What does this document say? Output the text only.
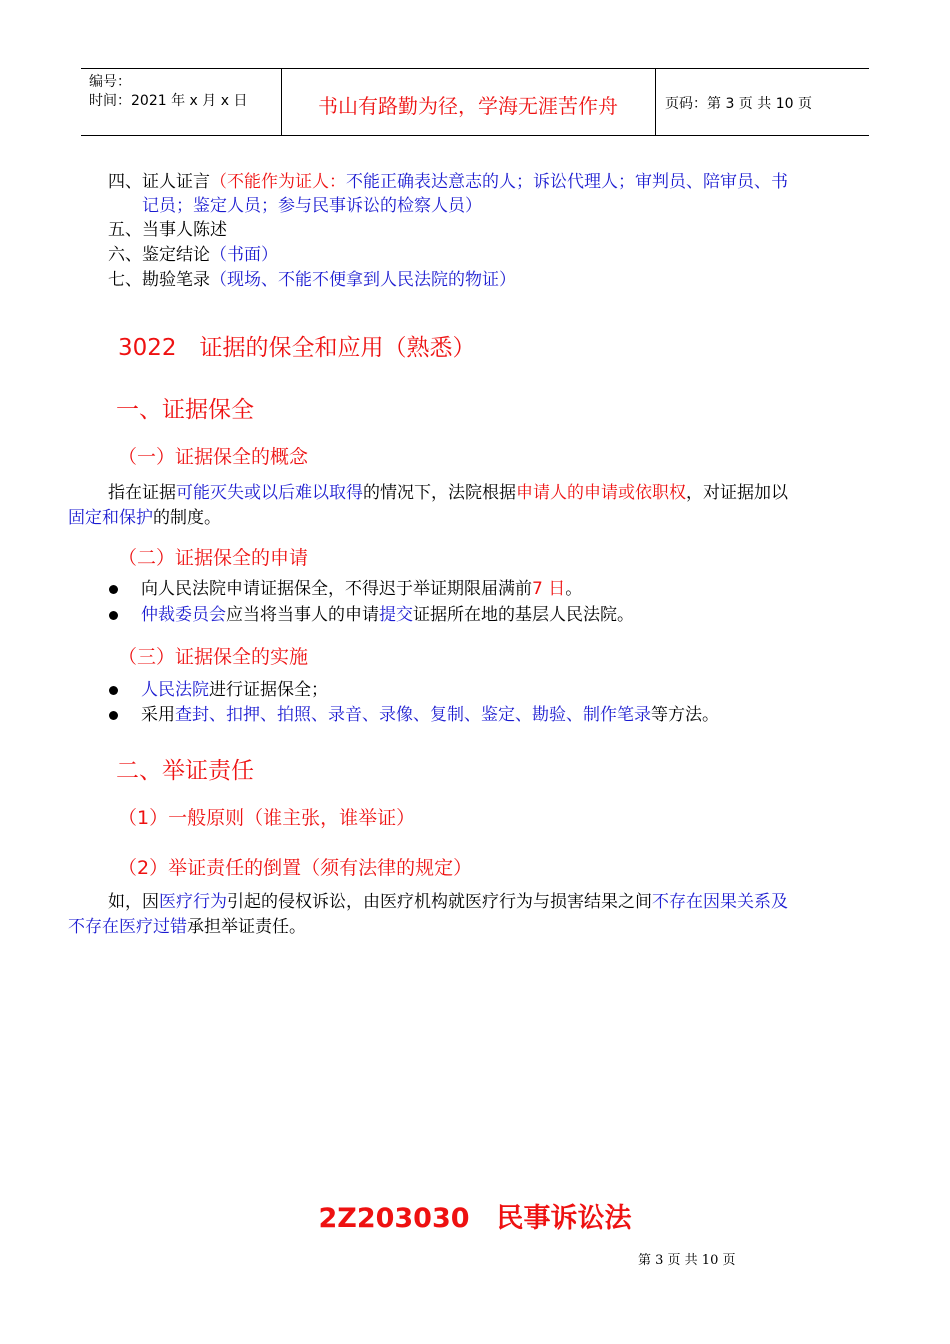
编号：
时间：2021 年 x 月 x 日	书山有路勤为径，学海无涯苦作舟	页码：第 3 页 共 10 页
四、证人证言（不能作为证人：不能正确表达意志的人；诉讼代理人；审判员、陪审员、书
记员；鉴定人员；参与民事诉讼的检察人员）
五、当事人陈述
六、鉴定结论（书面）
七、勘验笔录（现场、不能不便拿到人民法院的物证）
3022　证据的保全和应用（熟悉）
一、证据保全
（一）证据保全的概念
指在证据可能灭失或以后难以取得的情况下，法院根据申请人的申请或依职权，对证据加以
固定和保护的制度。
（二）证据保全的申请
向人民法院申请证据保全，不得迟于举证期限届满前7 日。
仲裁委员会应当将当事人的申请提交证据所在地的基层人民法院。
（三）证据保全的实施
人民法院进行证据保全；
采用查封、扣押、拍照、录音、录像、复制、鉴定、勘验、制作笔录等方法。
二、举证责任
（1）一般原则（谁主张，谁举证）
（2）举证责任的倒置（须有法律的规定）
如，因医疗行为引起的侵权诉讼，由医疗机构就医疗行为与损害结果之间不存在因果关系及
不存在医疗过错承担举证责任。
2Z203030　民事诉讼法
第 3 页 共 10 页
